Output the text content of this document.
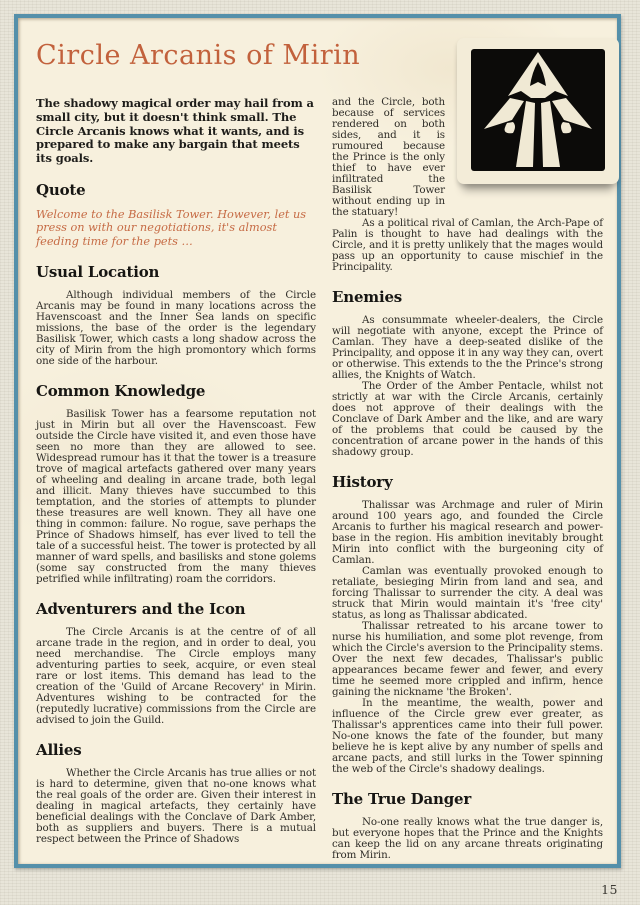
Circle Arcanis of Mirin

The shadowy magical order may hail from a small city, but it doesn't think small. The Circle Arcanis knows what it wants, and is prepared to make any bargain that meets its goals.

Quote

Welcome to the Basilisk Tower. However, let us press on with our negotiations, it's almost feeding time for the pets …

Usual Location

Although individual members of the Circle Arcanis may be found in many locations across the Havenscoast and the Inner Sea lands on specific missions, the base of the order is the legendary Basilisk Tower, which casts a long shadow across the city of Mirin from the high promontory which forms one side of the harbour.

Common Knowledge

Basilisk Tower has a fearsome reputation not just in Mirin but all over the Havenscoast. Few outside the Circle have visited it, and even those have seen no more than they are allowed to see. Widespread rumour has it that the tower is a treasure trove of magical artefacts gathered over many years of wheeling and dealing in arcane trade, both legal and illicit. Many thieves have succumbed to this temptation, and the stories of attempts to plunder these treasures are well known. They all have one thing in common: failure. No rogue, save perhaps the Prince of Shadows himself, has ever lived to tell the tale of a successful heist. The tower is protected by all manner of ward spells, and basilisks and stone golems (some say constructed from the many thieves petrified while infiltrating) roam the corridors.

Adventurers and the Icon

The Circle Arcanis is at the centre of of all arcane trade in the region, and in order to deal, you need merchandise. The Circle employs many adventuring parties to seek, acquire, or even steal rare or lost items. This demand has lead to the creation of the 'Guild of Arcane Recovery' in Mirin. Adventures wishing to be contracted for the (reputedly lucrative) commissions from the Circle are advised to join the Guild.

Allies

Whether the Circle Arcanis has true allies or not is hard to determine, given that no-one knows what the real goals of the order are. Given their interest in dealing in magical artefacts, they certainly have beneficial dealings with the Conclave of Dark Amber, both as suppliers and buyers. There is a mutual respect between the Prince of Shadows

and the Circle, both because of services rendered on both sides, and it is rumoured because the Prince is the only thief to have ever infiltrated the Basilisk Tower without ending up in the statuary!

As a political rival of Camlan, the Arch-Pape of Palin is thought to have had dealings with the Circle, and it is pretty unlikely that the mages would pass up an opportunity to cause mischief in the Principality.

Enemies

As consummate wheeler-dealers, the Circle will negotiate with anyone, except the Prince of Camlan. They have a deep-seated dislike of the Principality, and oppose it in any way they can, overt or otherwise. This extends to the the Prince's strong allies, the Knights of Watch.

The Order of the Amber Pentacle, whilst not strictly at war with the Circle Arcanis, certainly does not approve of their dealings with the Conclave of Dark Amber and the like, and are wary of the problems that could be caused by the concentration of arcane power in the hands of this shadowy group.

History

Thalissar was Archmage and ruler of Mirin around 100 years ago, and founded the Circle Arcanis to further his magical research and power-base in the region. His ambition inevitably brought Mirin into conflict with the burgeoning city of Camlan.

Camlan was eventually provoked enough to retaliate, besieging Mirin from land and sea, and forcing Thalissar to surrender the city. A deal was struck that Mirin would maintain it's 'free city' status, as long as Thalissar abdicated.

Thalissar retreated to his arcane tower to nurse his humiliation, and some plot revenge, from which the Circle's aversion to the Principality stems. Over the next few decades, Thalissar's public appearances became fewer and fewer, and every time he seemed more crippled and infirm, hence gaining the nickname 'the Broken'.

In the meantime, the wealth, power and influence of the Circle grew ever greater, as Thalissar's apprentices came into their full power. No-one knows the fate of the founder, but many believe he is kept alive by any number of spells and arcane pacts, and still lurks in the Tower spinning the web of the Circle's shadowy dealings.

The True Danger

No-one really knows what the true danger is, but everyone hopes that the Prince and the Knights can keep the lid on any arcane threats originating from Mirin.

15
